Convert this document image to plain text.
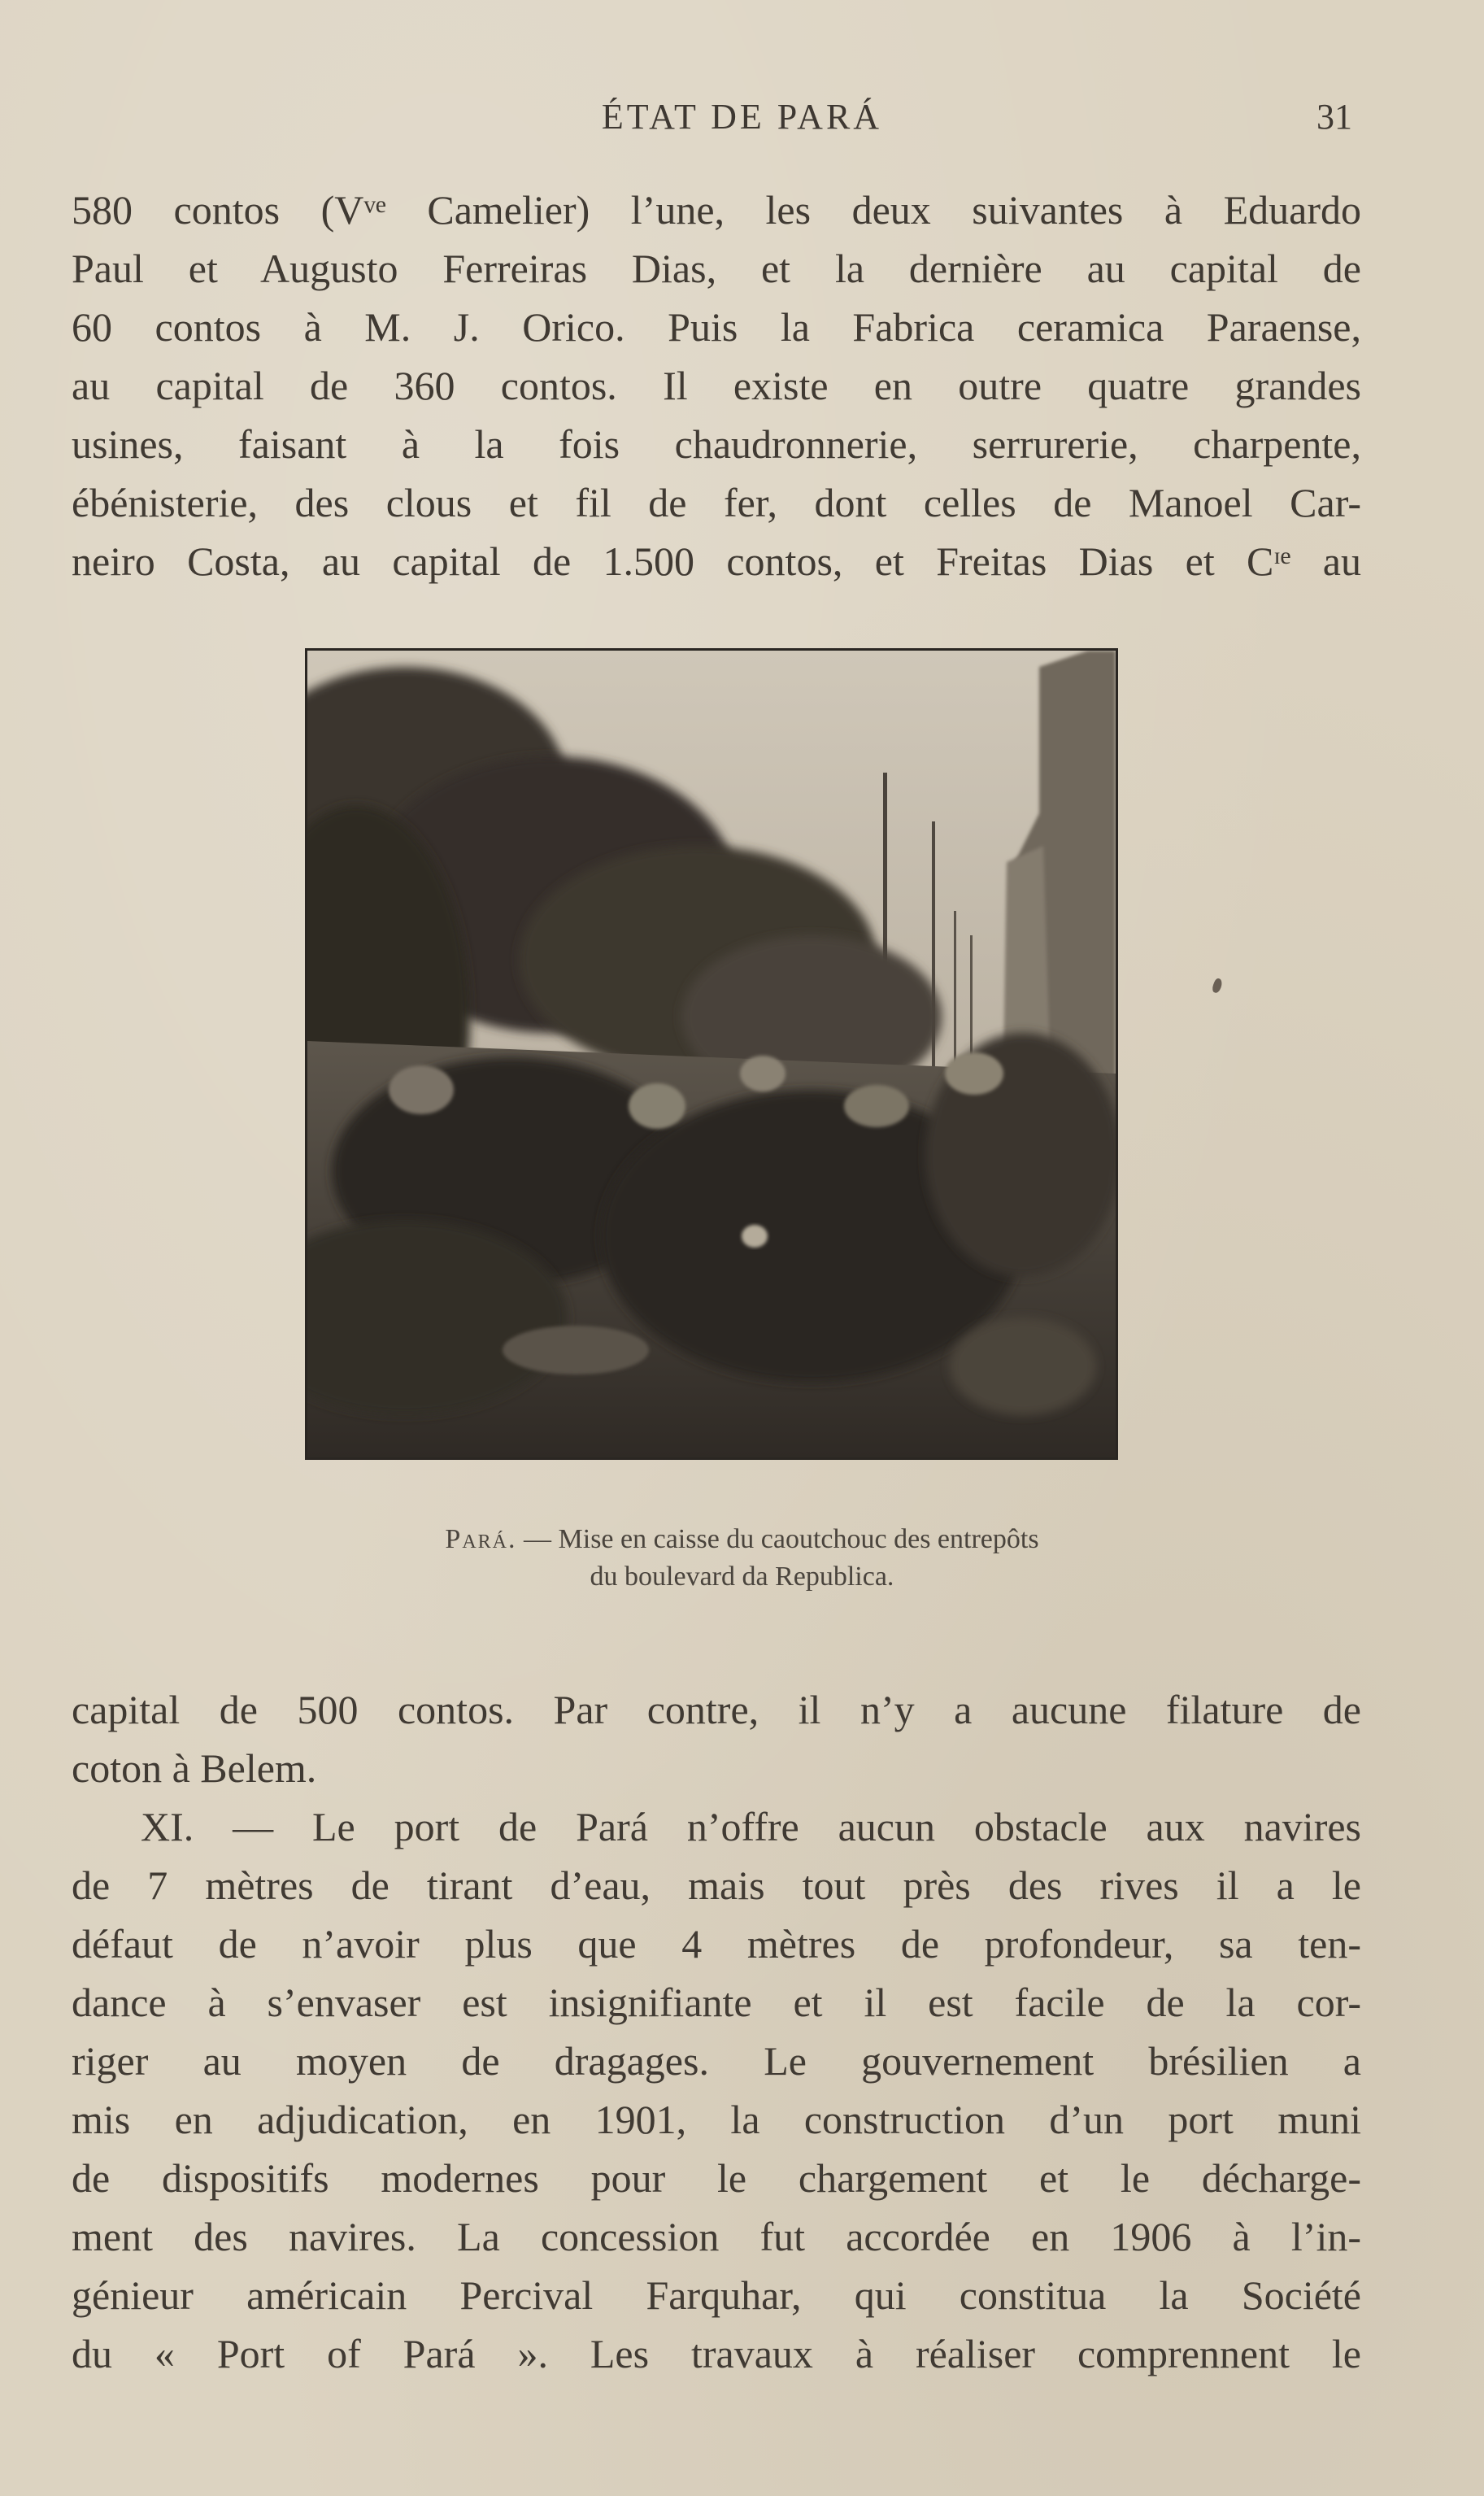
ÉTAT DE PARÁ	31
580 contos (Vᵛᵉ Camelier) l’une, les deux suivantes à Eduardo
Paul et Augusto Ferreiras Dias, et la dernière au capital de
60 contos à M. J. Orico. Puis la Fabrica ceramica Paraense,
au capital de 360 contos. Il existe en outre quatre grandes
usines, faisant à la fois chaudronnerie, serrurerie, charpente,
ébénisterie, des clous et fil de fer, dont celles de Manoel Car-
neiro Costa, au capital de 1.500 contos, et Freitas Dias et Cᶦᵉ au
Pará. — Mise en caisse du caoutchouc des entrepôts
du boulevard da Republica.
capital de 500 contos. Par contre, il n’y a aucune filature de
coton à Belem.
XI. — Le port de Pará n’offre aucun obstacle aux navires
de 7 mètres de tirant d’eau, mais tout près des rives il a le
défaut de n’avoir plus que 4 mètres de profondeur, sa ten-
dance à s’envaser est insignifiante et il est facile de la cor-
riger au moyen de dragages. Le gouvernement brésilien a
mis en adjudication, en 1901, la construction d’un port muni
de dispositifs modernes pour le chargement et le décharge-
ment des navires. La concession fut accordée en 1906 à l’in-
génieur américain Percival Farquhar, qui constitua la Société
du « Port of Pará ». Les travaux à réaliser comprennent le
